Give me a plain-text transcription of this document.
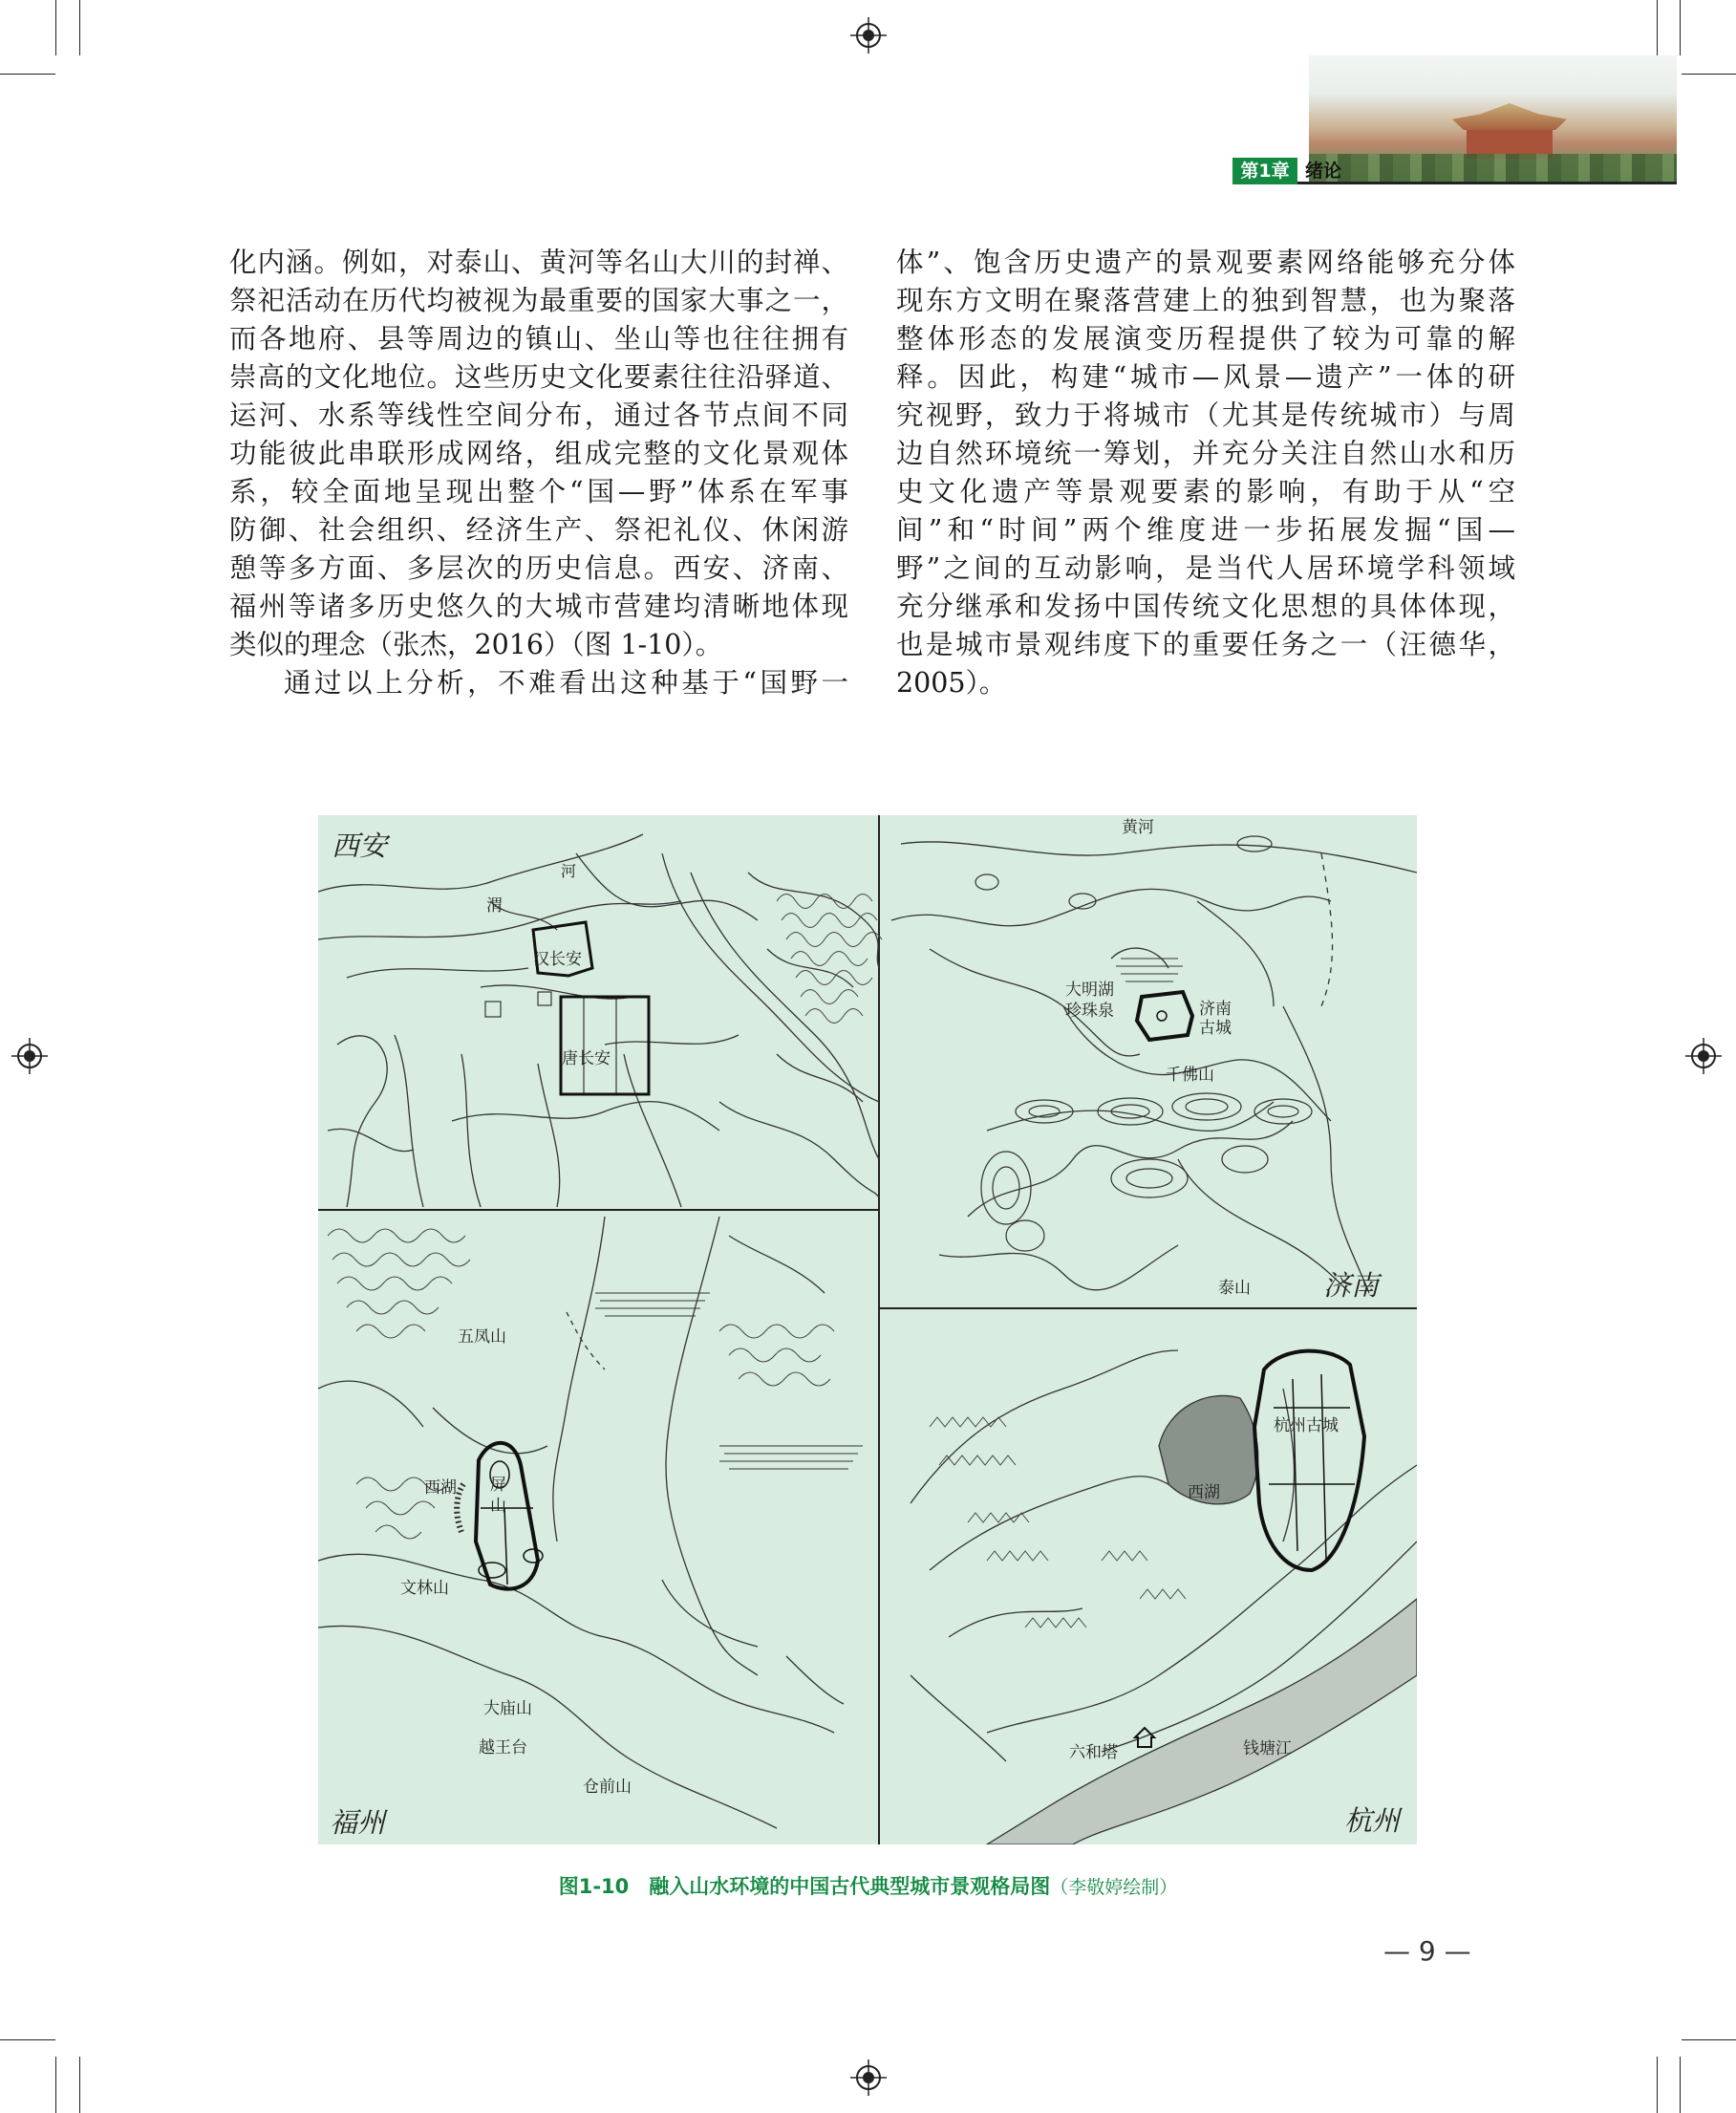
第1章 绪论
化内涵。例如，对泰山、黄河等名山大川的封禅、
祭祀活动在历代均被视为最重要的国家大事之一，
而各地府、县等周边的镇山、坐山等也往往拥有
崇高的文化地位。这些历史文化要素往往沿驿道、
运河、水系等线性空间分布，通过各节点间不同
功能彼此串联形成网络，组成完整的文化景观体
系，较全面地呈现出整个“国—野”体系在军事
防御、社会组织、经济生产、祭祀礼仪、休闲游
憩等多方面、多层次的历史信息。西安、济南、
福州等诸多历史悠久的大城市营建均清晰地体现
类似的理念（张杰，2016）（图 1-10）。
通过以上分析，不难看出这种基于“国野一
体”、饱含历史遗产的景观要素网络能够充分体
现东方文明在聚落营建上的独到智慧，也为聚落
整体形态的发展演变历程提供了较为可靠的解
释。因此，构建“城市—风景—遗产”一体的研
究视野，致力于将城市（尤其是传统城市）与周
边自然环境统一筹划，并充分关注自然山水和历
史文化遗产等景观要素的影响，有助于从“空
间”和“时间”两个维度进一步拓展发掘“国—
野”之间的互动影响，是当代人居环境学科领域
充分继承和发扬中国传统文化思想的具体体现，
也是城市景观纬度下的重要任务之一（汪德华，
2005）。
西安
河
渭
汉长安
唐长安
黄河
大明湖
珍珠泉	济南
古城
千佛山
泰山	济南
五凤山
西湖 屏
山
文林山
大庙山
越王台
仓前山
福州
杭州古城
西湖
六和塔	钱塘江
杭州
图1-10　融入山水环境的中国古代典型城市景观格局图（李敬婷绘制）
— 9 —
